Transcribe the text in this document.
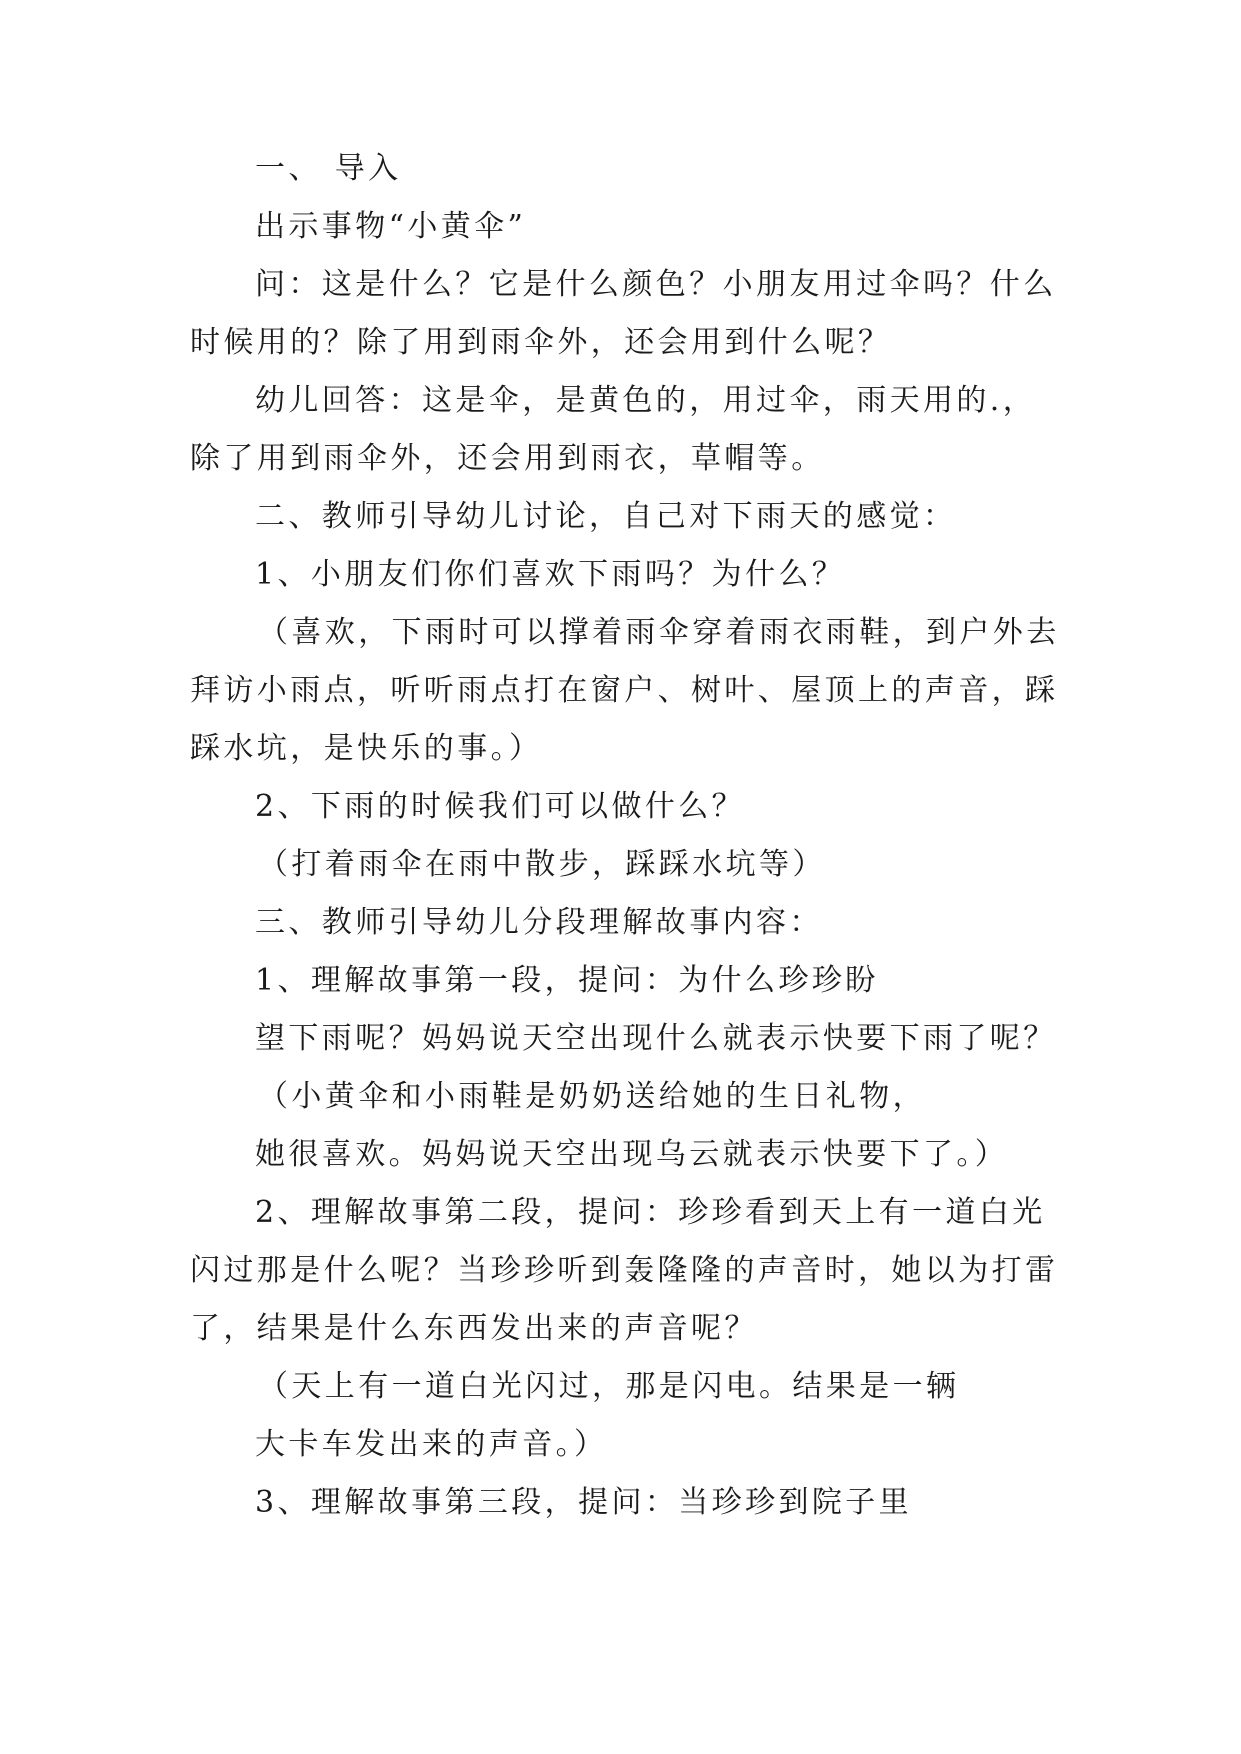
一、 导入
出示事物“小黄伞”
问：这是什么？它是什么颜色？小朋友用过伞吗？什么
时候用的？除了用到雨伞外，还会用到什么呢？
幼儿回答：这是伞，是黄色的，用过伞，雨天用的.，
除了用到雨伞外，还会用到雨衣，草帽等。
二、教师引导幼儿讨论，自己对下雨天的感觉：
1、小朋友们你们喜欢下雨吗？为什么？
（喜欢，下雨时可以撑着雨伞穿着雨衣雨鞋，到户外去
拜访小雨点，听听雨点打在窗户、树叶、屋顶上的声音，踩
踩水坑，是快乐的事。）
2、下雨的时候我们可以做什么？
（打着雨伞在雨中散步，踩踩水坑等）
三、教师引导幼儿分段理解故事内容：
1、理解故事第一段，提问：为什么珍珍盼
望下雨呢？妈妈说天空出现什么就表示快要下雨了呢？
（小黄伞和小雨鞋是奶奶送给她的生日礼物，
她很喜欢。妈妈说天空出现乌云就表示快要下了。）
2、理解故事第二段，提问：珍珍看到天上有一道白光
闪过那是什么呢？当珍珍听到轰隆隆的声音时，她以为打雷
了，结果是什么东西发出来的声音呢？
（天上有一道白光闪过，那是闪电。结果是一辆
大卡车发出来的声音。）
3、理解故事第三段，提问：当珍珍到院子里
